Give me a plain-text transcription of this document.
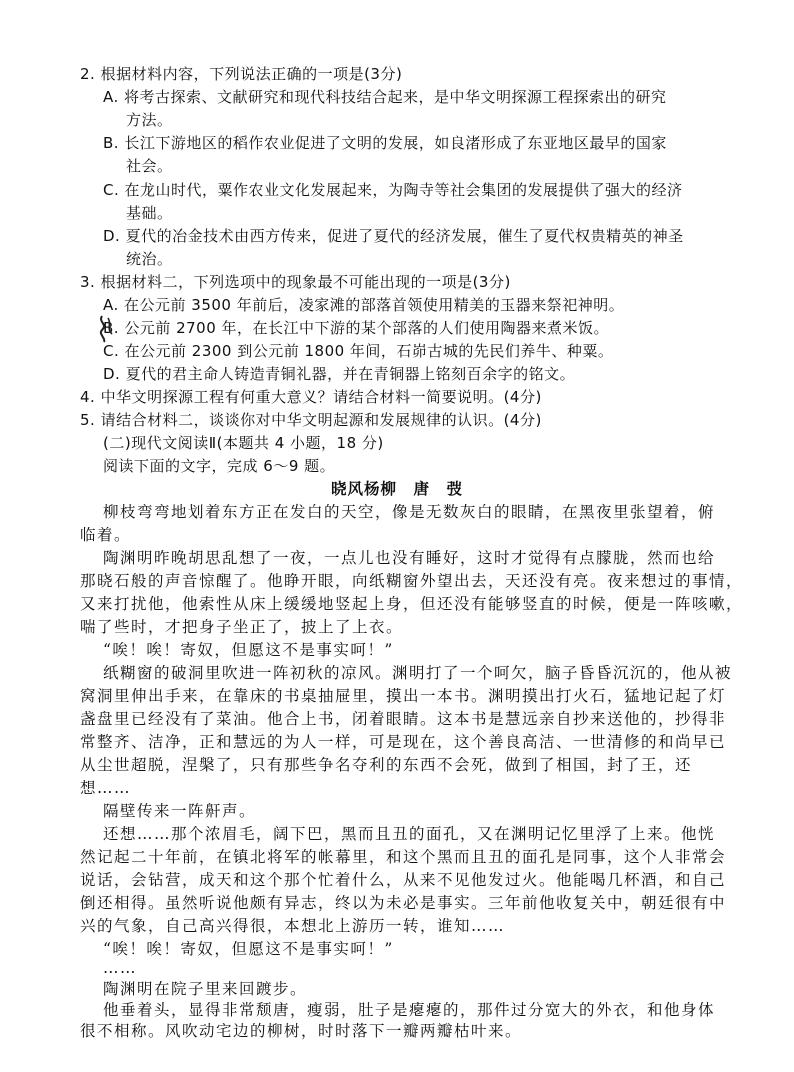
2. 根据材料内容，下列说法正确的一项是(3分)
A. 将考古探索、文献研究和现代科技结合起来，是中华文明探源工程探索出的研究
方法。
B. 长江下游地区的稻作农业促进了文明的发展，如良渚形成了东亚地区最早的国家
社会。
C. 在龙山时代，粟作农业文化发展起来，为陶寺等社会集团的发展提供了强大的经济
基础。
D. 夏代的冶金技术由西方传来，促进了夏代的经济发展，催生了夏代权贵精英的神圣
统治。
3. 根据材料二，下列选项中的现象最不可能出现的一项是(3分)
A. 在公元前 3500 年前后，凌家滩的部落首领使用精美的玉器来祭祀神明。
B. 公元前 2700 年，在长江中下游的某个部落的人们使用陶器来煮米饭。
C. 在公元前 2300 到公元前 1800 年间，石峁古城的先民们养牛、种粟。
D. 夏代的君主命人铸造青铜礼器，并在青铜器上铭刻百余字的铭文。
4. 中华文明探源工程有何重大意义？请结合材料一简要说明。(4分)
5. 请结合材料二，谈谈你对中华文明起源和发展规律的认识。(4分)
(二)现代文阅读Ⅱ(本题共 4 小题，18 分)
阅读下面的文字，完成 6～9 题。
晓风杨柳　唐　弢
柳枝弯弯地划着东方正在发白的天空，像是无数灰白的眼睛，在黑夜里张望着，俯
临着。
陶渊明昨晚胡思乱想了一夜，一点儿也没有睡好，这时才觉得有点朦胧，然而也给
那晓石般的声音惊醒了。他睁开眼，向纸糊窗外望出去，天还没有亮。夜来想过的事情，
又来打扰他，他索性从床上缓缓地竖起上身，但还没有能够竖直的时候，便是一阵咳嗽，
喘了些时，才把身子坐正了，披上了上衣。
“唉！唉！寄奴，但愿这不是事实呵！”
纸糊窗的破洞里吹进一阵初秋的凉风。渊明打了一个呵欠，脑子昏昏沉沉的，他从被
窝洞里伸出手来，在靠床的书桌抽屉里，摸出一本书。渊明摸出打火石，猛地记起了灯
盏盘里已经没有了菜油。他合上书，闭着眼睛。这本书是慧远亲自抄来送他的，抄得非
常整齐、洁净，正和慧远的为人一样，可是现在，这个善良高洁、一世清修的和尚早已
从尘世超脱，涅槃了，只有那些争名夺利的东西不会死，做到了相国，封了王，还
想……
隔壁传来一阵鼾声。
还想……那个浓眉毛，阔下巴，黑而且丑的面孔，又在渊明记忆里浮了上来。他恍
然记起二十年前，在镇北将军的帐幕里，和这个黑而且丑的面孔是同事，这个人非常会
说话，会钻营，成天和这个那个忙着什么，从来不见他发过火。他能喝几杯酒，和自己
倒还相得。虽然听说他颇有异志，终以为未必是事实。三年前他收复关中，朝廷很有中
兴的气象，自己高兴得很，本想北上游历一转，谁知……
“唉！唉！寄奴，但愿这不是事实呵！”
……
陶渊明在院子里来回踱步。
他垂着头，显得非常颓唐，瘦弱，肚子是瘪瘪的，那件过分宽大的外衣，和他身体
很不相称。风吹动宅边的柳树，时时落下一瓣两瓣枯叶来。
